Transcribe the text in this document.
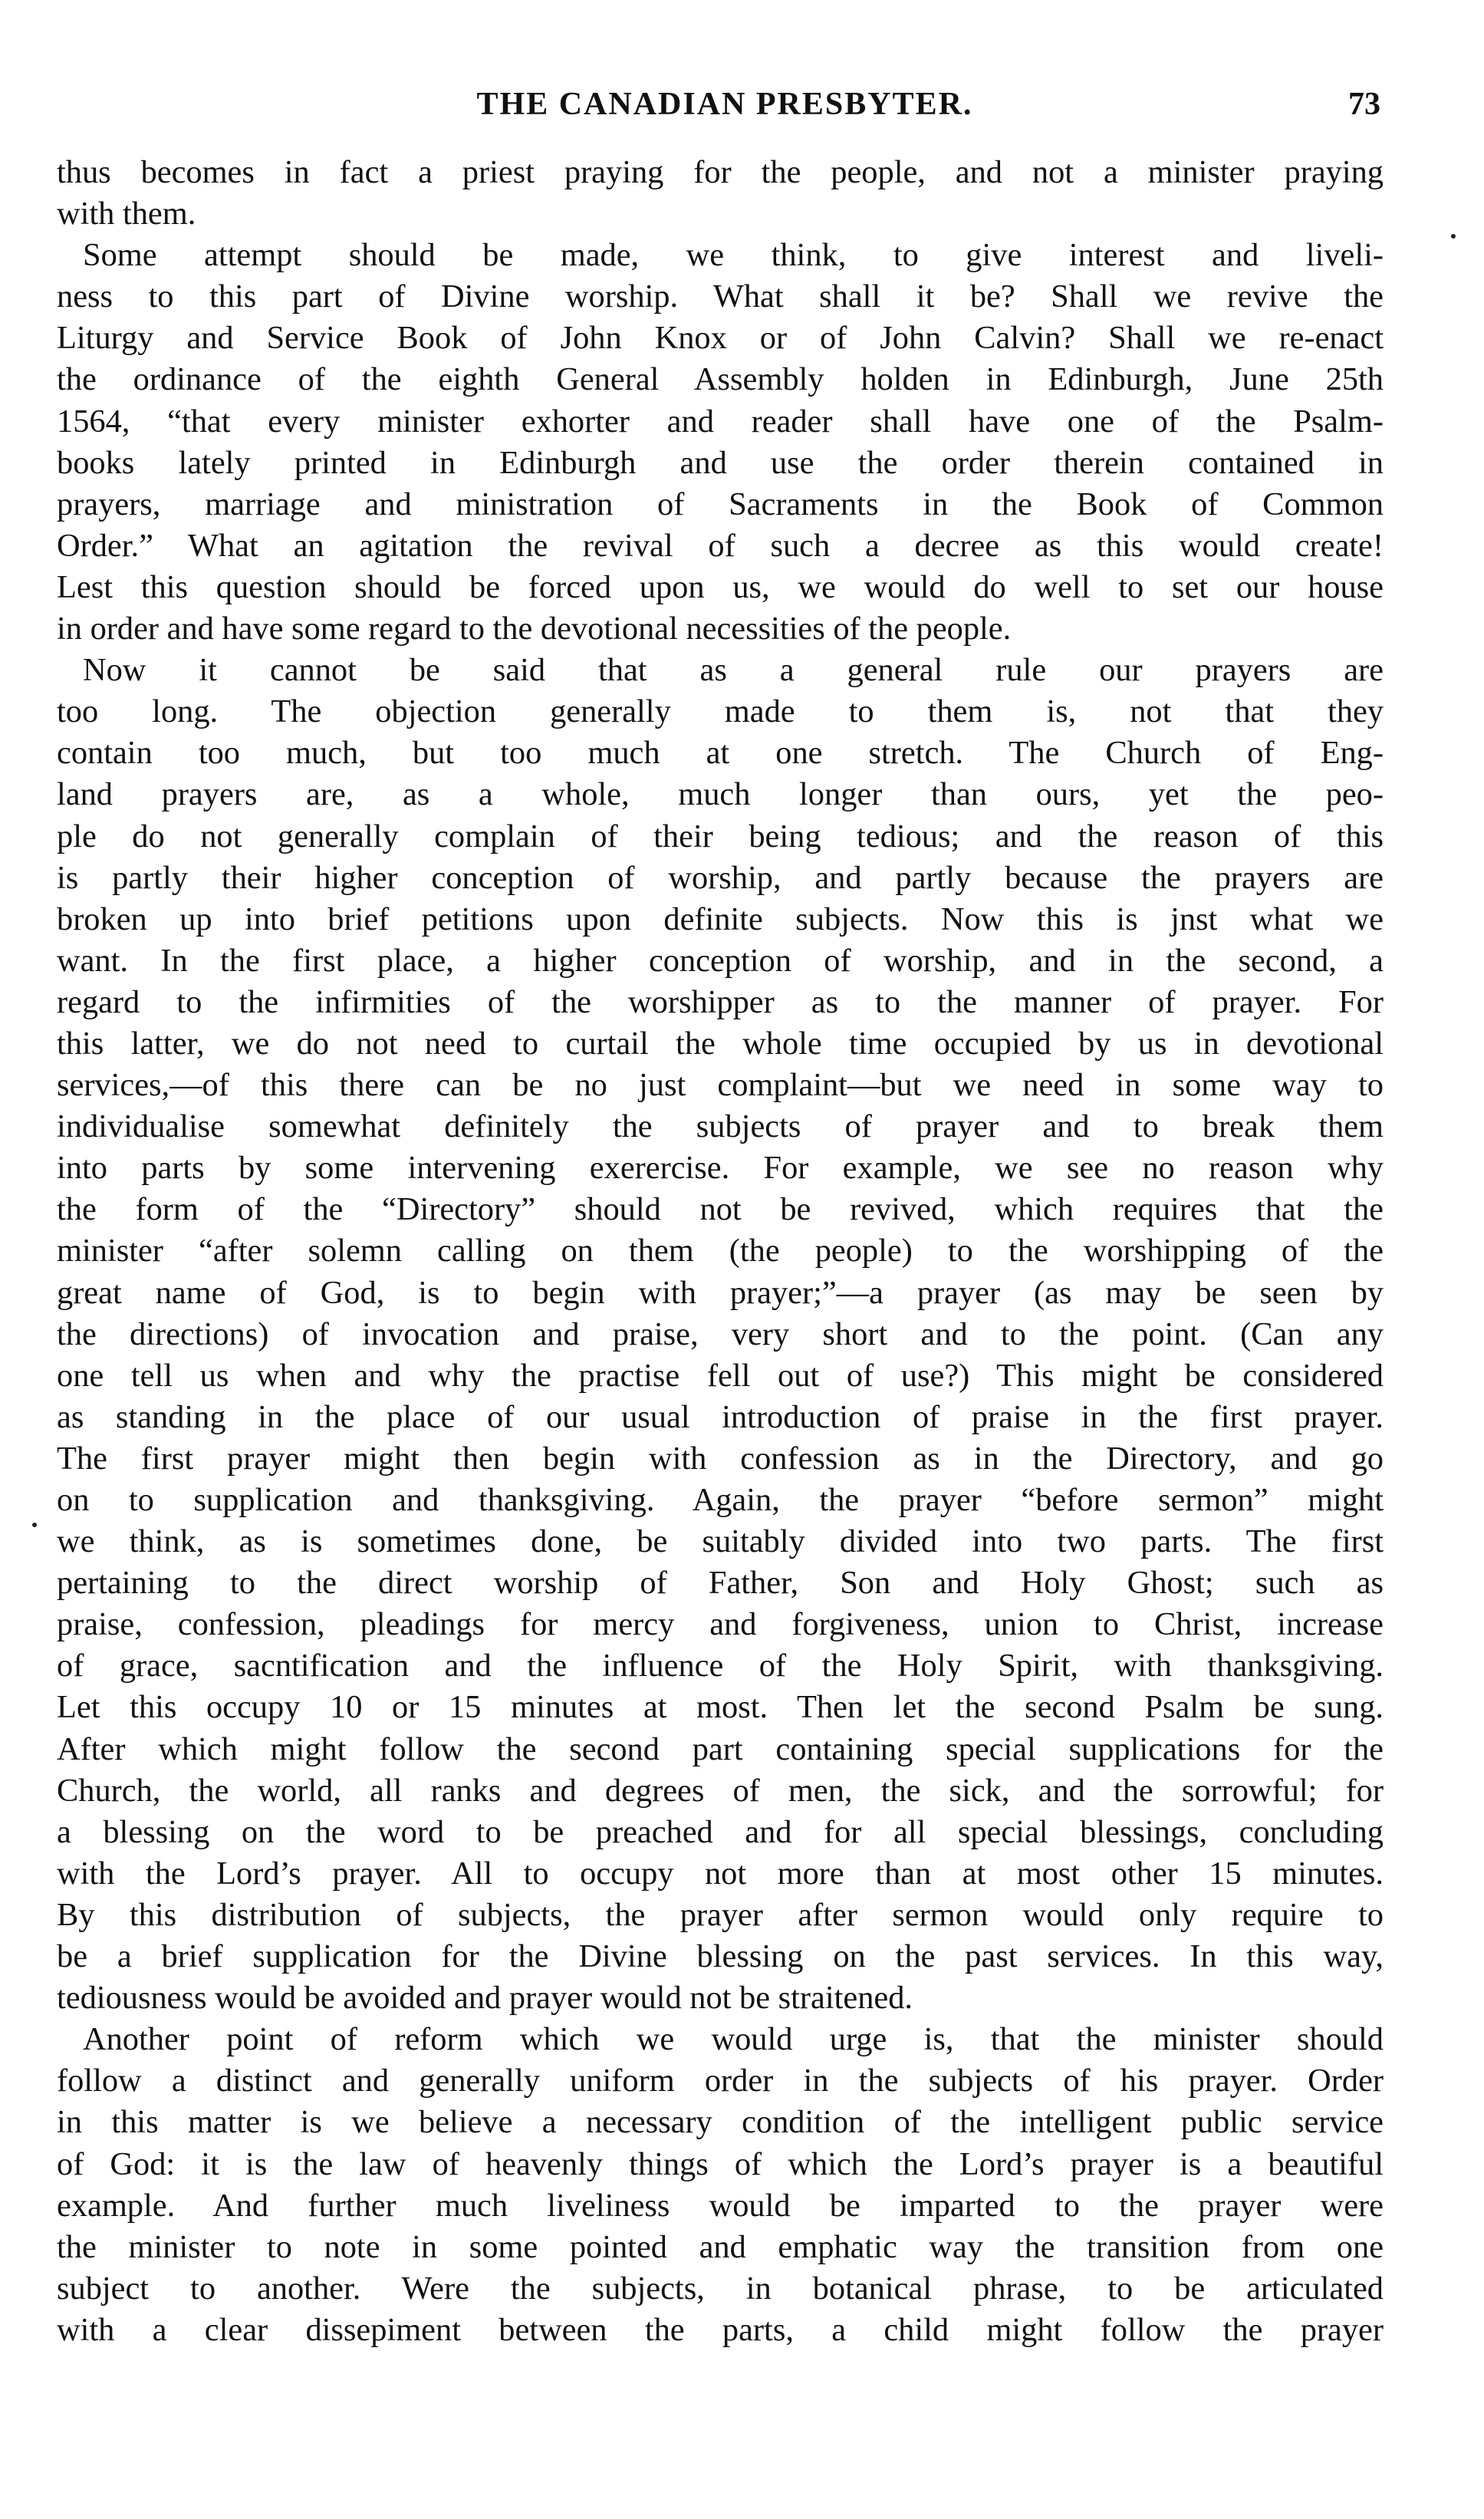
THE CANADIAN PRESBYTER.	73
thus becomes in fact a priest praying for the people, and not a minister praying
with them.
Some attempt should be made, we think, to give interest and liveli-
ness to this part of Divine worship. What shall it be? Shall we revive the
Liturgy and Service Book of John Knox or of John Calvin? Shall we re-enact
the ordinance of the eighth General Assembly holden in Edinburgh, June 25th
1564, “that every minister exhorter and reader shall have one of the Psalm-
books lately printed in Edinburgh and use the order therein contained in
prayers, marriage and ministration of Sacraments in the Book of Common
Order.” What an agitation the revival of such a decree as this would create!
Lest this question should be forced upon us, we would do well to set our house
in order and have some regard to the devotional necessities of the people.
Now it cannot be said that as a general rule our prayers are
too long. The objection generally made to them is, not that they
contain too much, but too much at one stretch. The Church of Eng-
land prayers are, as a whole, much longer than ours, yet the peo-
ple do not generally complain of their being tedious; and the reason of this
is partly their higher conception of worship, and partly because the prayers are
broken up into brief petitions upon definite subjects. Now this is jnst what we
want. In the first place, a higher conception of worship, and in the second, a
regard to the infirmities of the worshipper as to the manner of prayer. For
this latter, we do not need to curtail the whole time occupied by us in devotional
services,—of this there can be no just complaint—but we need in some way to
individualise somewhat definitely the subjects of prayer and to break them
into parts by some intervening exerercise. For example, we see no reason why
the form of the “Directory” should not be revived, which requires that the
minister “after solemn calling on them (the people) to the worshipping of the
great name of God, is to begin with prayer;”—a prayer (as may be seen by
the directions) of invocation and praise, very short and to the point. (Can any
one tell us when and why the practise fell out of use?) This might be considered
as standing in the place of our usual introduction of praise in the first prayer.
The first prayer might then begin with confession as in the Directory, and go
on to supplication and thanksgiving. Again, the prayer “before sermon” might
we think, as is sometimes done, be suitably divided into two parts. The first
pertaining to the direct worship of Father, Son and Holy Ghost; such as
praise, confession, pleadings for mercy and forgiveness, union to Christ, increase
of grace, sacntification and the influence of the Holy Spirit, with thanksgiving.
Let this occupy 10 or 15 minutes at most. Then let the second Psalm be sung.
After which might follow the second part containing special supplications for the
Church, the world, all ranks and degrees of men, the sick, and the sorrowful; for
a blessing on the word to be preached and for all special blessings, concluding
with the Lord’s prayer. All to occupy not more than at most other 15 minutes.
By this distribution of subjects, the prayer after sermon would only require to
be a brief supplication for the Divine blessing on the past services. In this way,
tediousness would be avoided and prayer would not be straitened.
Another point of reform which we would urge is, that the minister should
follow a distinct and generally uniform order in the subjects of his prayer. Order
in this matter is we believe a necessary condition of the intelligent public service
of God: it is the law of heavenly things of which the Lord’s prayer is a beautiful
example. And further much liveliness would be imparted to the prayer were
the minister to note in some pointed and emphatic way the transition from one
subject to another. Were the subjects, in botanical phrase, to be articulated
with a clear dissepiment between the parts, a child might follow the prayer
